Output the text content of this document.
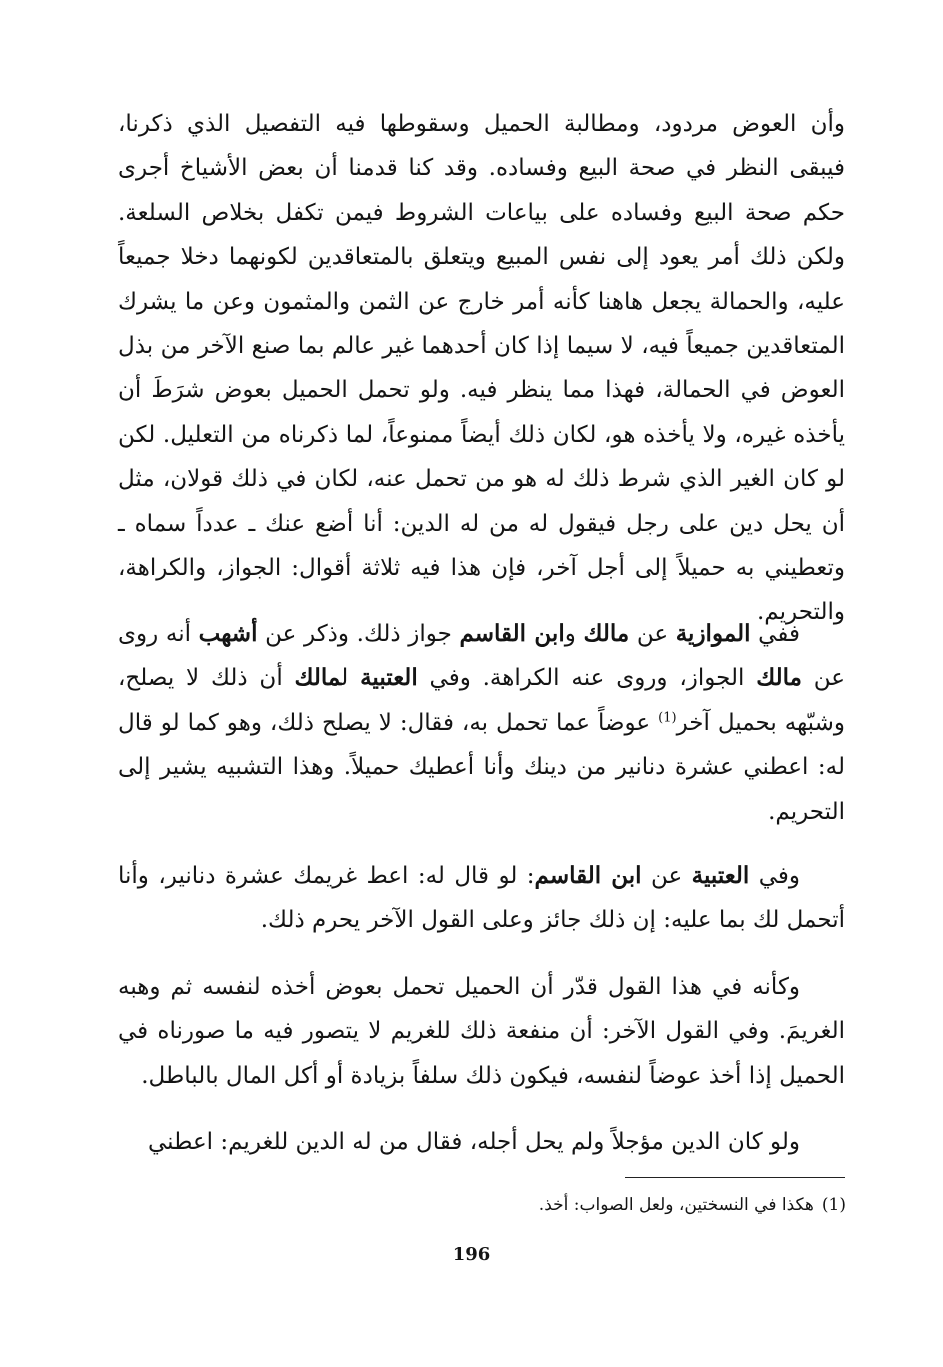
وأن العوض مردود، ومطالبة الحميل وسقوطها فيه التفصيل الذي ذكرنا، فيبقى النظر في صحة البيع وفساده. وقد كنا قدمنا أن بعض الأشياخ أجرى حكم صحة البيع وفساده على بياعات الشروط فيمن تكفل بخلاص السلعة. ولكن ذلك أمر يعود إلى نفس المبيع ويتعلق بالمتعاقدين لكونهما دخلا جميعاً عليه، والحمالة يجعل هاهنا كأنه أمر خارج عن الثمن والمثمون وعن ما يشرك المتعاقدين جميعاً فيه، لا سيما إذا كان أحدهما غير عالم بما صنع الآخر من بذل العوض في الحمالة، فهذا مما ينظر فيه. ولو تحمل الحميل بعوض شرَطَ أن يأخذه غيره، ولا يأخذه هو، لكان ذلك أيضاً ممنوعاً، لما ذكرناه من التعليل. لكن لو كان الغير الذي شرط ذلك له هو من تحمل عنه، لكان في ذلك قولان، مثل أن يحل دين على رجل فيقول له من له الدين: أنا أضع عنك ـ عدداً سماه ـ وتعطيني به حميلاً إلى أجل آخر، فإن هذا فيه ثلاثة أقوال: الجواز، والكراهة، والتحريم.

ففي الموازية عن مالك وابن القاسم جواز ذلك. وذكر عن أشهب أنه روى عن مالك الجواز، وروى عنه الكراهة. وفي العتبية لمالك أن ذلك لا يصلح، وشبّهه بحميل آخر$^{(1)}$ عوضاً عما تحمل به، فقال: لا يصلح ذلك، وهو كما لو قال له: اعطني عشرة دنانير من دينك وأنا أعطيك حميلاً. وهذا التشبيه يشير إلى التحريم.

وفي العتبية عن ابن القاسم: لو قال له: اعط غريمك عشرة دنانير، وأنا أتحمل لك بما عليه: إن ذلك جائز وعلى القول الآخر يحرم ذلك.

وكأنه في هذا القول قدّر أن الحميل تحمل بعوض أخذه لنفسه ثم وهبه الغريمَ. وفي القول الآخر: أن منفعة ذلك للغريم لا يتصور فيه ما صورناه في الحميل إذا أخذ عوضاً لنفسه، فيكون ذلك سلفاً بزيادة أو أكل المال بالباطل.

ولو كان الدين مؤجلاً ولم يحل أجله، فقال من له الدين للغريم: اعطني

(1)هكذا في النسختين، ولعل الصواب: أخذ.
196
